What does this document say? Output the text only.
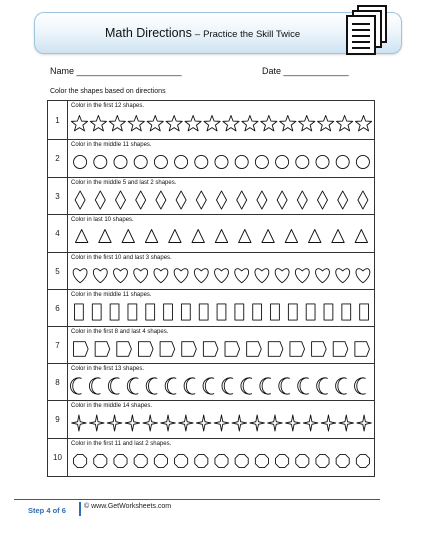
Math Directions – Practice the Skill Twice
Name _____________________	Date _____________
Color the shapes based on directions
1
Color in the first 12 shapes.
2
Color in the middle 11 shapes.
3
Color in the middle 5 and last 2 shapes.
4
Color in last 10 shapes.
5
Color in the first 10 and last 3 shapes.
6
Color in the middle 11 shapes.
7
Color in the first 8 and last 4 shapes.
8
Color in the first 13 shapes.
9
Color in the middle 14 shapes.
10
Color in the first 11 and last 2 shapes.
Step 4 of 6	© www.GetWorksheets.com
